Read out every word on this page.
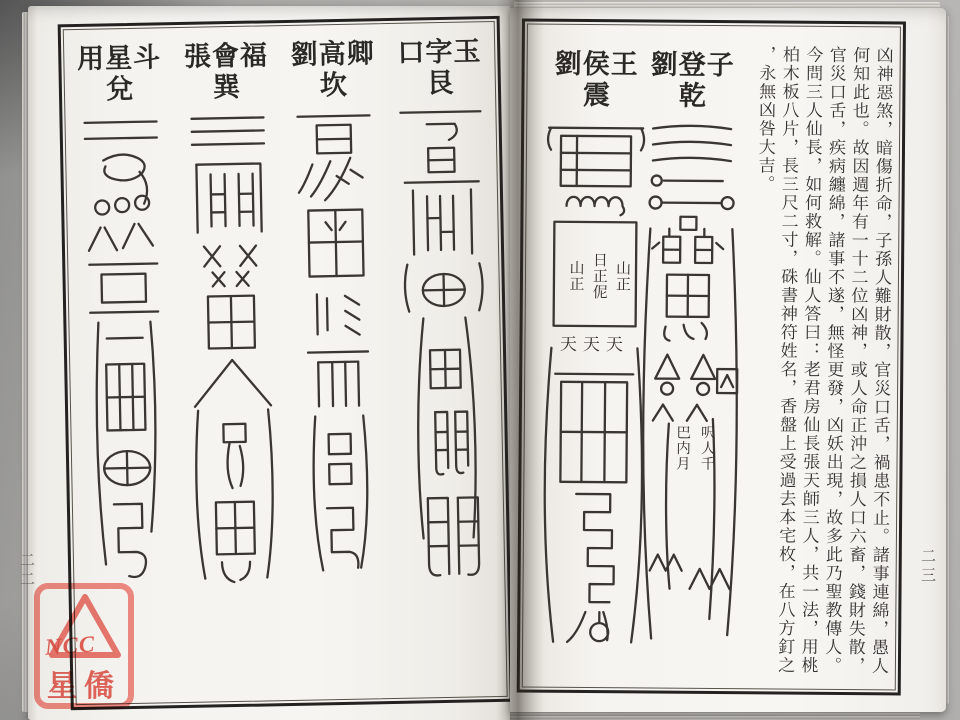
用星斗
兌
張會福
巽
劉高卿
坎
口字玉
艮
劉侯王
震
山正
日正伲
山正
天天天
劉登子
乾
呎人千
巴内月	凶神惡煞，暗傷折命，子孫人難財散，官災口舌，禍患不止。諸事連綿，愚人
何知此也。故因週年有一十二位凶神，或人命正沖之損人口六畜，錢財失散，
官災口舌，疾病纏綿，諸事不遂，無怪更發，凶妖出現，故多此乃聖教傳人。
今問三人仙長，如何救解。仙人答曰：老君房仙長張天師三人，共一法，用桃
柏木板八片，長三尺二寸，硃書神符姓名，香盤上受過去本宅枚，在八方釘之
，永無凶咎大吉。
二三
二二
NCC
星僑
